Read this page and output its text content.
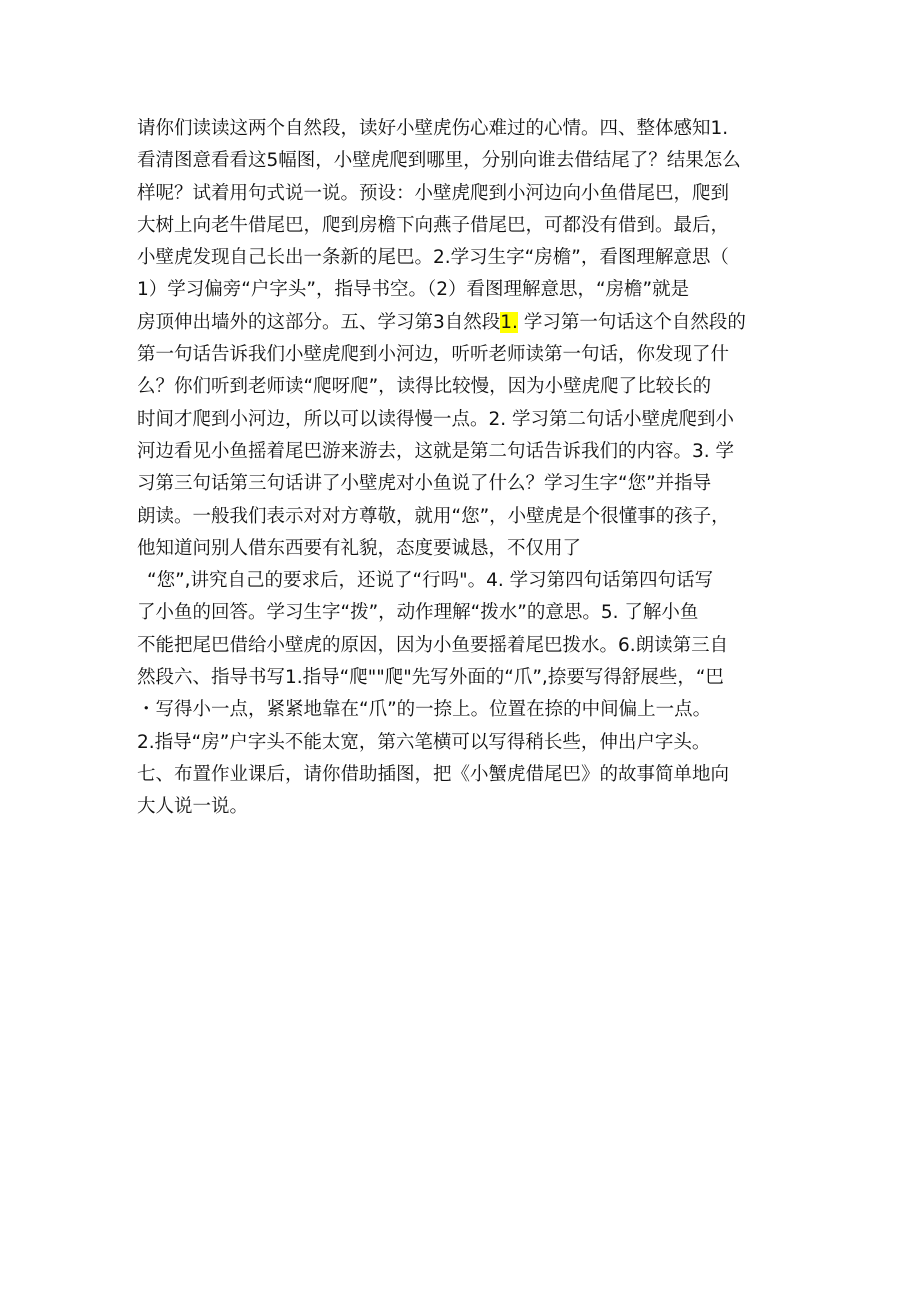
请你们读读这两个自然段，读好小壁虎伤心难过的心情。四、整体感知1.
看清图意看看这5幅图，小壁虎爬到哪里，分别向谁去借结尾了？结果怎么
样呢？试着用句式说一说。预设：小壁虎爬到小河边向小鱼借尾巴，爬到
大树上向老牛借尾巴，爬到房檐下向燕子借尾巴，可都没有借到。最后，
小壁虎发现自己长出一条新的尾巴。2.学习生字“房檐”，看图理解意思（
1）学习偏旁“户字头”，指导书空。（2）看图理解意思，“房檐”就是
房顶伸出墙外的这部分。五、学习第3自然段1. 学习第一句话这个自然段的
第一句话告诉我们小壁虎爬到小河边，听听老师读第一句话，你发现了什
么？你们听到老师读“爬呀爬”，读得比较慢，因为小壁虎爬了比较长的
时间才爬到小河边，所以可以读得慢一点。2. 学习第二句话小壁虎爬到小
河边看见小鱼摇着尾巴游来游去，这就是第二句话告诉我们的内容。3. 学
习第三句话第三句话讲了小壁虎对小鱼说了什么？学习生字“您”并指导
朗读。一般我们表示对对方尊敬，就用“您”，小壁虎是个很懂事的孩子，
他知道问别人借东西要有礼貌，态度要诚恳，不仅用了
“您”,讲究自己的要求后，还说了“行吗"。4. 学习第四句话第四句话写
了小鱼的回答。学习生字“拨”，动作理解“拨水”的意思。5. 了解小鱼
不能把尾巴借给小壁虎的原因，因为小鱼要摇着尾巴拨水。6.朗读第三自
然段六、指导书写1.指导“爬""爬"先写外面的“爪”,捺要写得舒展些，“巴
・写得小一点，紧紧地靠在“爪”的一捺上。位置在捺的中间偏上一点。
2.指导“房”户字头不能太宽，第六笔横可以写得稍长些，伸出户字头。
七、布置作业课后，请你借助插图，把《小蟹虎借尾巴》的故事简单地向
大人说一说。
